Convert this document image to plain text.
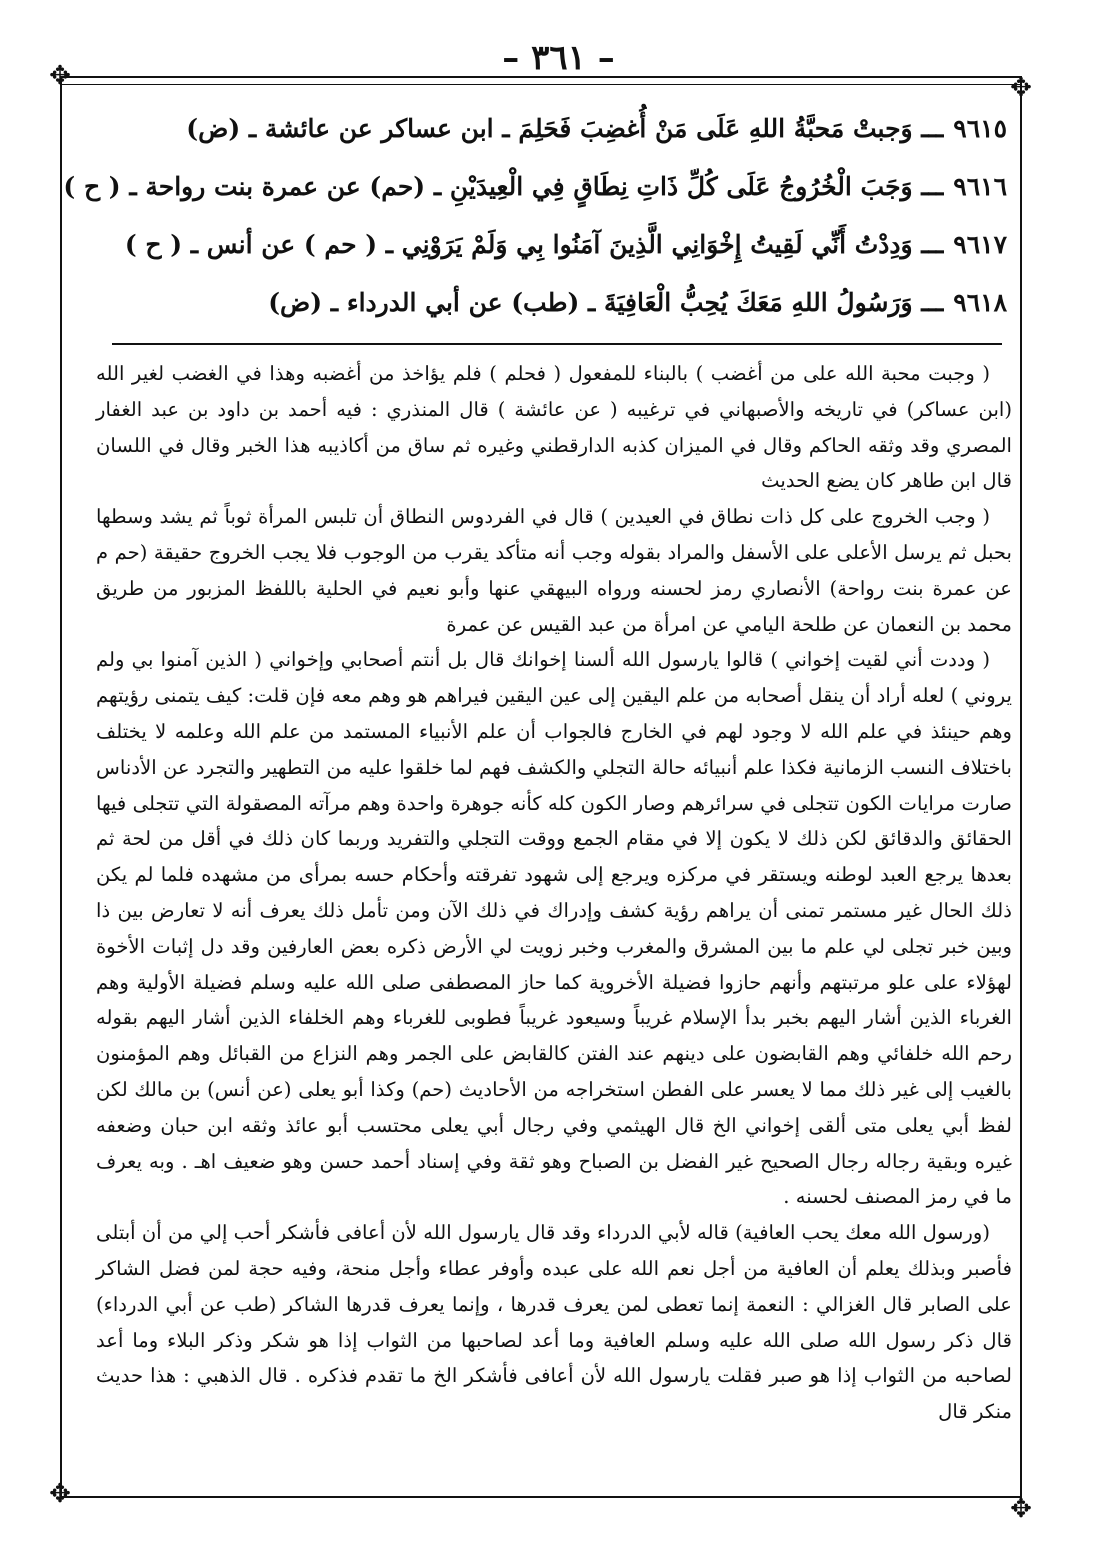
– ٣٦١ –
✥	✥
✥	✥
٩٦١٥ـــ وَجبتْ مَحبَّةُ اللهِ عَلَى مَنْ أُغضِبَ فَحَلِمَ ـ ابن عساكر عن عائشة ـ (ض)
٩٦١٦ـــ وَجَبَ الْخُرُوجُ عَلَى كُلِّ ذَاتِ نِطَاقٍ فِي الْعِيدَيْنِ ـ (حم) عن عمرة بنت رواحة ـ ( ح )
٩٦١٧ـــ وَدِدْتُ أَنِّي لَقِيتُ إِخْوَانِي الَّذِينَ آمَنُوا بِي وَلَمْ يَرَوْنِي ـ ( حم ) عن أنس ـ ( ح )
٩٦١٨ـــ وَرَسُولُ اللهِ مَعَكَ يُحِبُّ الْعَافِيَةَ ـ (طب) عن أبي الدرداء ـ (ض)

( وجبت محبة الله على من أغضب ) بالبناء للمفعول ( فحلم ) فلم يؤاخذ من أغضبه وهذا في الغضب لغير الله (ابن عساكر) في تاريخه والأصبهاني في ترغيبه ( عن عائشة ) قال المنذري : فيه أحمد بن داود بن عبد الغفار المصري وقد وثقه الحاكم وقال في الميزان كذبه الدارقطني وغيره ثم ساق من أكاذيبه هذا الخبر وقال في اللسان قال ابن طاهر كان يضع الحديث

( وجب الخروج على كل ذات نطاق في العيدين ) قال في الفردوس النطاق أن تلبس المرأة ثوباً ثم يشد وسطها بحبل ثم يرسل الأعلى على الأسفل والمراد بقوله وجب أنه متأكد يقرب من الوجوب فلا يجب الخروج حقيقة (حم م عن عمرة بنت رواحة) الأنصاري رمز لحسنه ورواه البيهقي عنها وأبو نعيم في الحلية باللفظ المزبور من طريق محمد بن النعمان عن طلحة اليامي عن امرأة من عبد القيس عن عمرة

( وددت أني لقيت إخواني ) قالوا يارسول الله ألسنا إخوانك قال بل أنتم أصحابي وإخواني ( الذين آمنوا بي ولم يروني ) لعله أراد أن ينقل أصحابه من علم اليقين إلى عين اليقين فيراهم هو وهم معه فإن قلت: كيف يتمنى رؤيتهم وهم حينئذ في علم الله لا وجود لهم في الخارج فالجواب أن علم الأنبياء المستمد من علم الله وعلمه لا يختلف باختلاف النسب الزمانية فكذا علم أنبيائه حالة التجلي والكشف فهم لما خلقوا عليه من التطهير والتجرد عن الأدناس صارت مرايات الكون تتجلى في سرائرهم وصار الكون كله كأنه جوهرة واحدة وهم مرآته المصقولة التي تتجلى فيها الحقائق والدقائق لكن ذلك لا يكون إلا في مقام الجمع ووقت التجلي والتفريد وربما كان ذلك في أقل من لحة ثم بعدها يرجع العبد لوطنه ويستقر في مركزه ويرجع إلى شهود تفرقته وأحكام حسه بمرأى من مشهده فلما لم يكن ذلك الحال غير مستمر تمنى أن يراهم رؤية كشف وإدراك في ذلك الآن ومن تأمل ذلك يعرف أنه لا تعارض بين ذا وبين خبر تجلى لي علم ما بين المشرق والمغرب وخبر زويت لي الأرض ذكره بعض العارفين وقد دل إثبات الأخوة لهؤلاء على علو مرتبتهم وأنهم حازوا فضيلة الأخروية كما حاز المصطفى صلى الله عليه وسلم فضيلة الأولية وهم الغرباء الذين أشار اليهم بخبر بدأ الإسلام غريباً وسيعود غريباً فطوبى للغرباء وهم الخلفاء الذين أشار اليهم بقوله رحم الله خلفائي وهم القابضون على دينهم عند الفتن كالقابض على الجمر وهم النزاع من القبائل وهم المؤمنون بالغيب إلى غير ذلك مما لا يعسر على الفطن استخراجه من الأحاديث (حم) وكذا أبو يعلى (عن أنس) بن مالك لكن لفظ أبي يعلى متى ألقى إخواني الخ قال الهيثمي وفي رجال أبي يعلى محتسب أبو عائذ وثقه ابن حبان وضعفه غيره وبقية رجاله رجال الصحيح غير الفضل بن الصباح وهو ثقة وفي إسناد أحمد حسن وهو ضعيف اهـ . وبه يعرف ما في رمز المصنف لحسنه .

(ورسول الله معك يحب العافية) قاله لأبي الدرداء وقد قال يارسول الله لأن أعافى فأشكر أحب إلي من أن أبتلى فأصبر وبذلك يعلم أن العافية من أجل نعم الله على عبده وأوفر عطاء وأجل منحة، وفيه حجة لمن فضل الشاكر على الصابر قال الغزالي : النعمة إنما تعطى لمن يعرف قدرها ، وإنما يعرف قدرها الشاكر (طب عن أبي الدرداء) قال ذكر رسول الله صلى الله عليه وسلم العافية وما أعد لصاحبها من الثواب إذا هو شكر وذكر البلاء وما أعد لصاحبه من الثواب إذا هو صبر فقلت يارسول الله لأن أعافى فأشكر الخ ما تقدم فذكره . قال الذهبي : هذا حديث منكر قال
